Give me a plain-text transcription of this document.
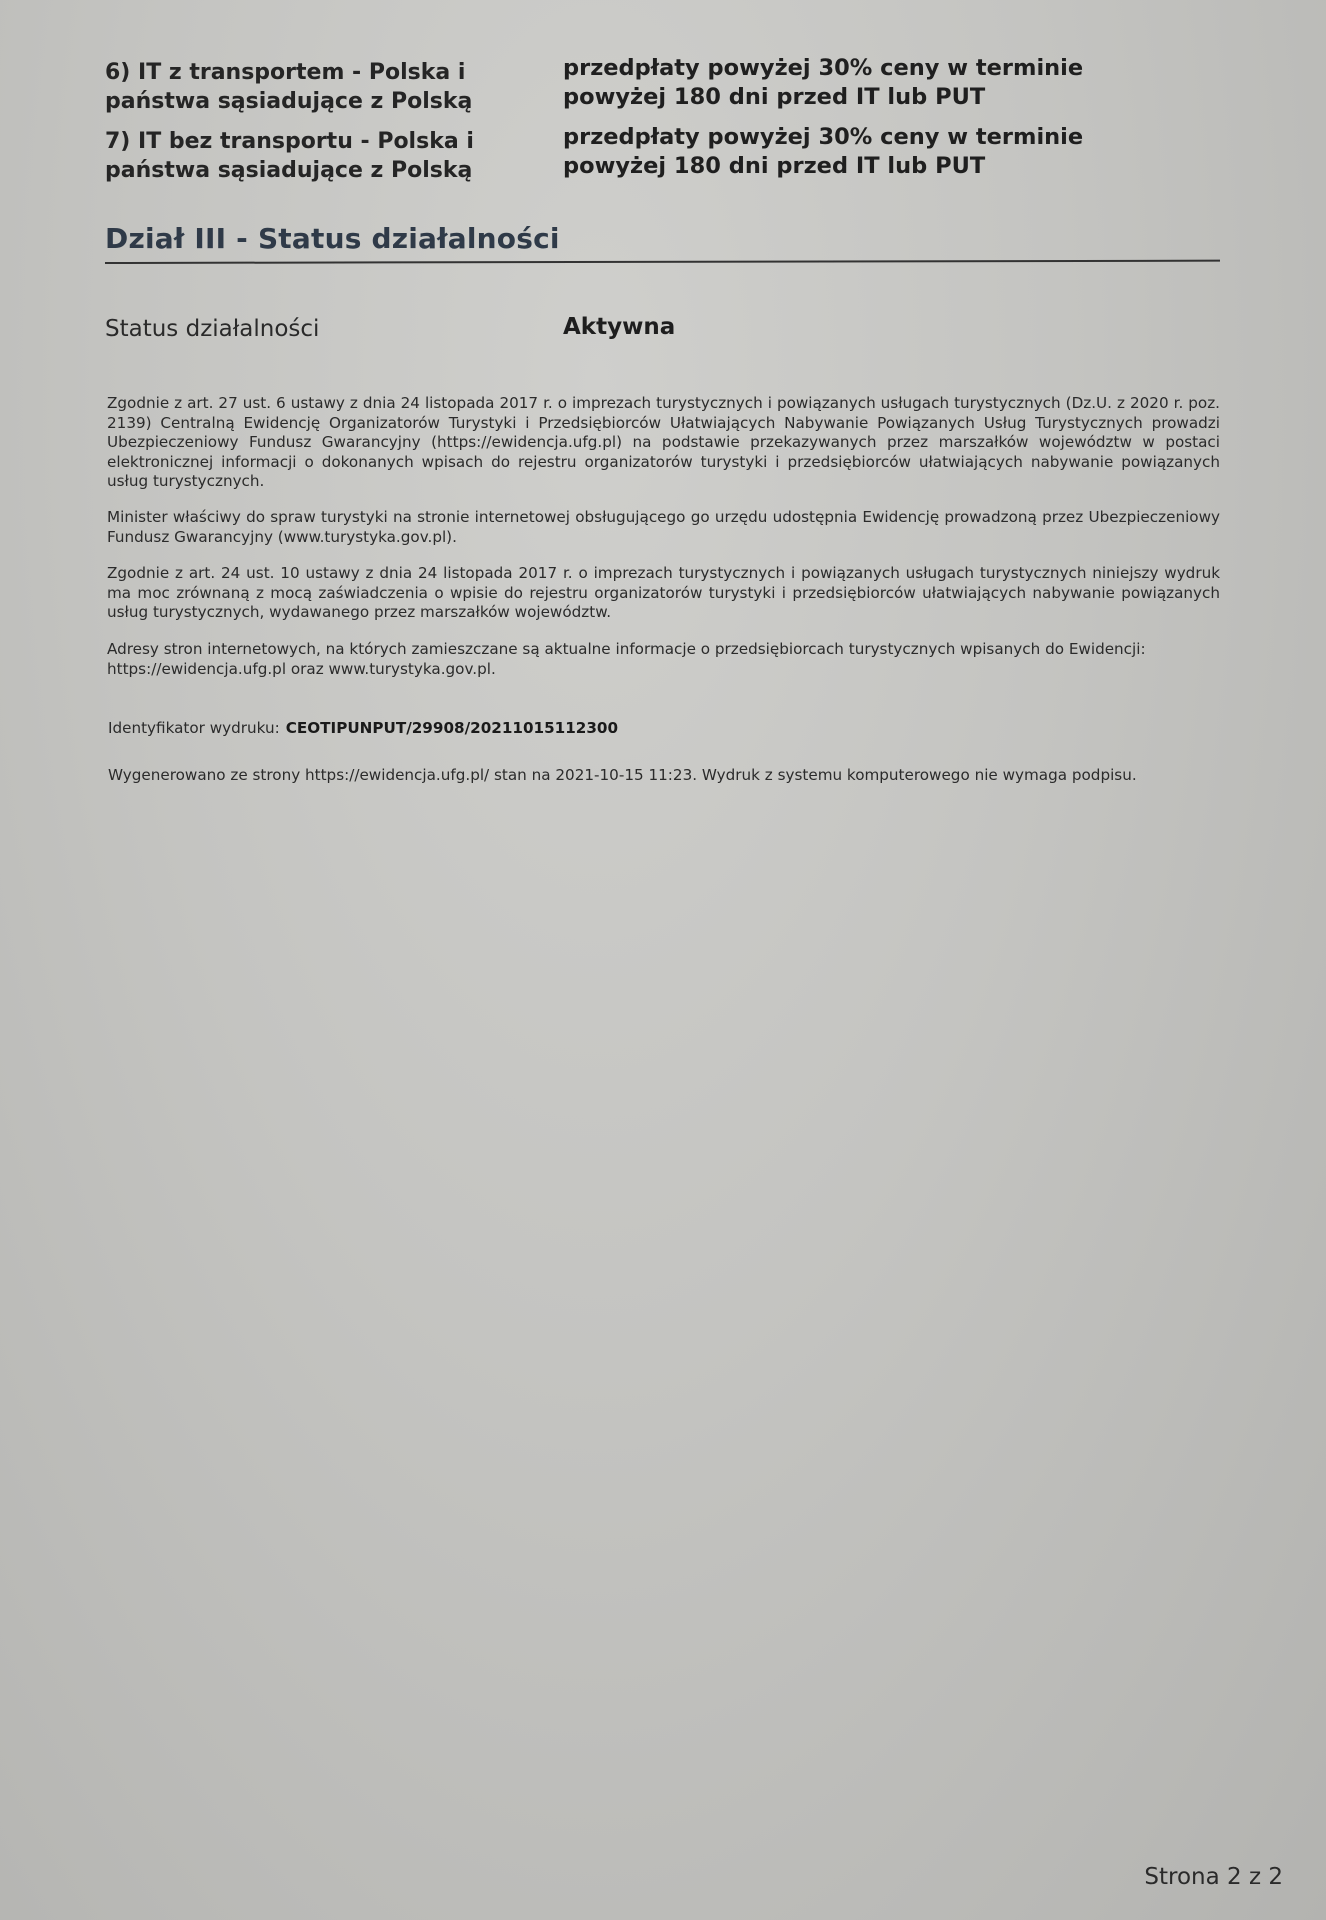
6) IT z transportem - Polska i
państwa sąsiadujące z Polską
przedpłaty powyżej 30% ceny w terminie
powyżej 180 dni przed IT lub PUT
7) IT bez transportu - Polska i
państwa sąsiadujące z Polską
przedpłaty powyżej 30% ceny w terminie
powyżej 180 dni przed IT lub PUT
Dział III - Status działalności
Status działalności	Aktywna
Zgodnie z art. 27 ust. 6 ustawy z dnia 24 listopada 2017 r. o imprezach turystycznych i powiązanych usługach turystycznych (Dz.U. z 2020 r. poz. 2139) Centralną Ewidencję Organizatorów Turystyki i Przedsiębiorców Ułatwiających Nabywanie Powiązanych Usług Turystycznych prowadzi Ubezpieczeniowy Fundusz Gwarancyjny (https://ewidencja.ufg.pl) na podstawie przekazywanych przez marszałków województw w postaci elektronicznej informacji o dokonanych wpisach do rejestru organizatorów turystyki i przedsiębiorców ułatwiających nabywanie powiązanych usług turystycznych.
Minister właściwy do spraw turystyki na stronie internetowej obsługującego go urzędu udostępnia Ewidencję prowadzoną przez Ubezpieczeniowy Fundusz Gwarancyjny (www.turystyka.gov.pl).
Zgodnie z art. 24 ust. 10 ustawy z dnia 24 listopada 2017 r. o imprezach turystycznych i powiązanych usługach turystycznych niniejszy wydruk ma moc zrównaną z mocą zaświadczenia o wpisie do rejestru organizatorów turystyki i przedsiębiorców ułatwiających nabywanie powiązanych usług turystycznych, wydawanego przez marszałków województw.
Adresy stron internetowych, na których zamieszczane są aktualne informacje o przedsiębiorcach turystycznych wpisanych do Ewidencji: https://ewidencja.ufg.pl oraz www.turystyka.gov.pl.
Identyfikator wydruku: CEOTIPUNPUT/29908/20211015112300
Wygenerowano ze strony https://ewidencja.ufg.pl/ stan na 2021-10-15 11:23. Wydruk z systemu komputerowego nie wymaga podpisu.
Strona 2 z 2
